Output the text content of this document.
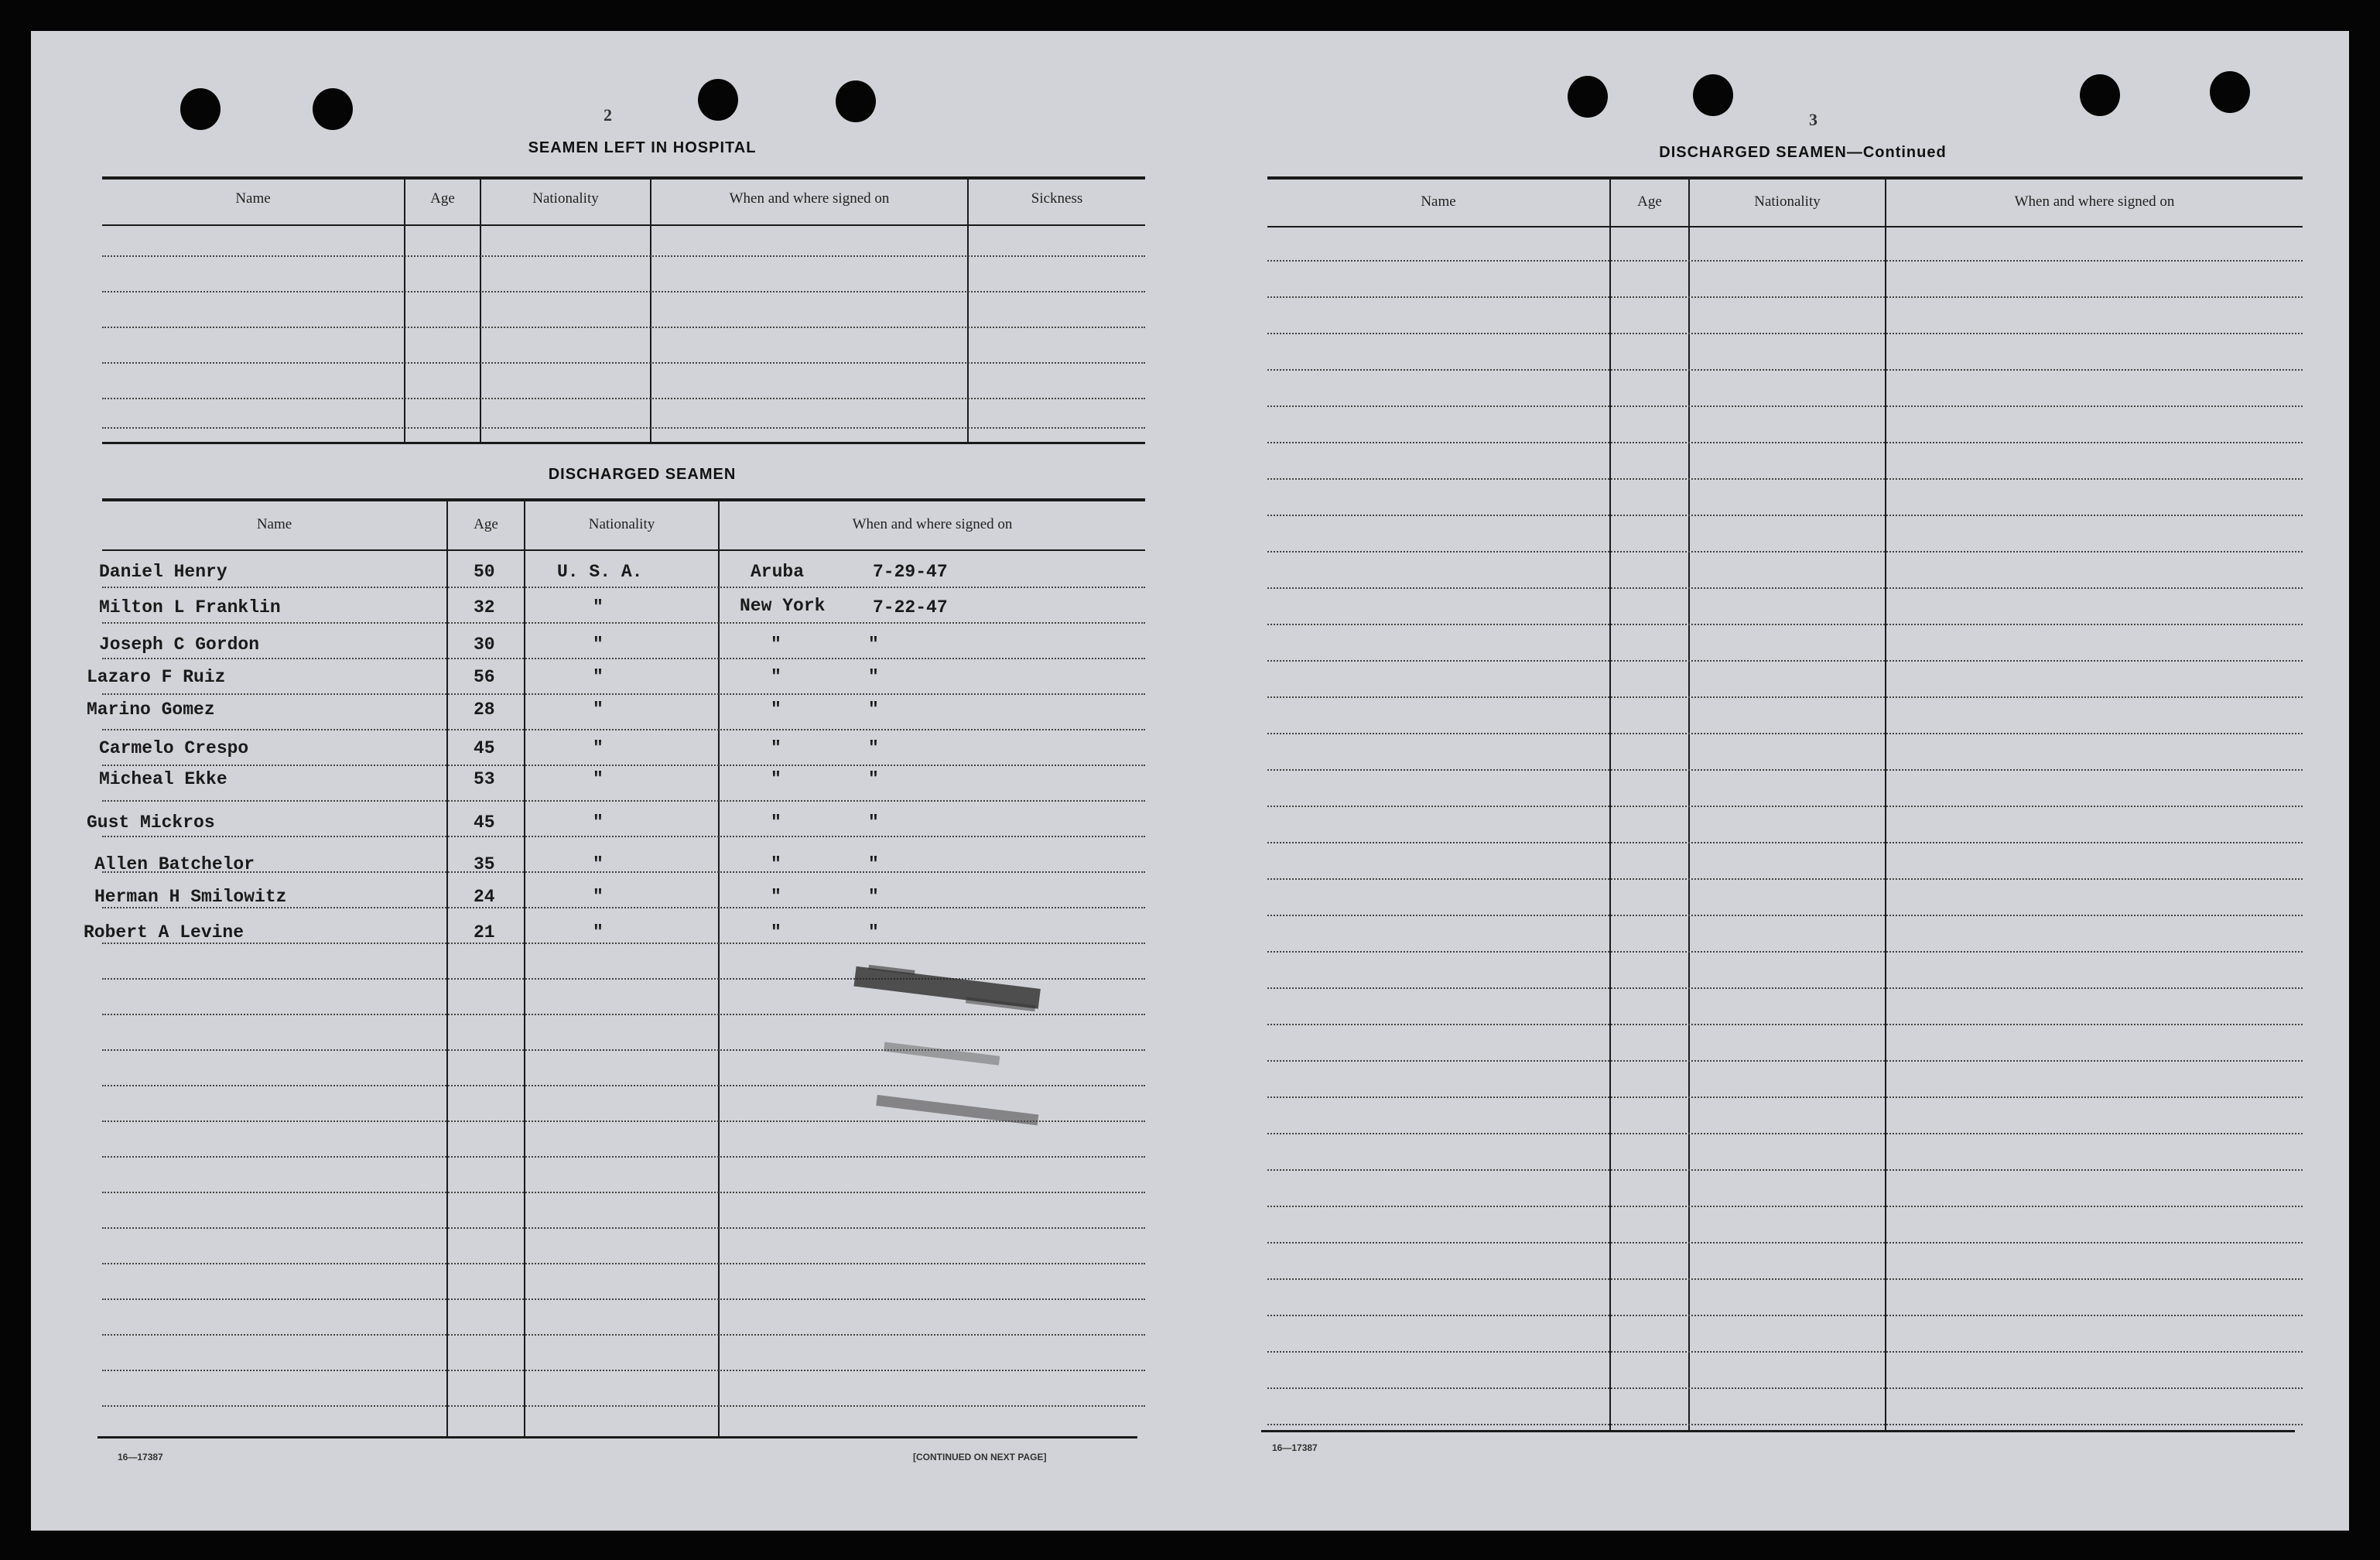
2
SEAMEN LEFT IN HOSPITAL
Name	Age	Nationality	When and where signed on	Sickness
DISCHARGED SEAMEN
Name	Age	Nationality	When and where signed on
Daniel Henry	50	U. S. A.	Aruba	7-29-47
Milton L Franklin	32	"	New York	7-22-47
Joseph C Gordon	30	"	"	"
Lazaro F Ruiz	56	"	"	"
Marino Gomez	28	"	"	"
Carmelo Crespo	45	"	"	"
Micheal Ekke	53	"	"	"
Gust Mickros	45	"	"	"
Allen Batchelor	35	"	"	"
Herman H Smilowitz	24	"	"	"
Robert A Levine	21	"	"	"
16—17387	[CONTINUED ON NEXT PAGE]
3
DISCHARGED SEAMEN—Continued
Name	Age	Nationality	When and where signed on
16—17387
